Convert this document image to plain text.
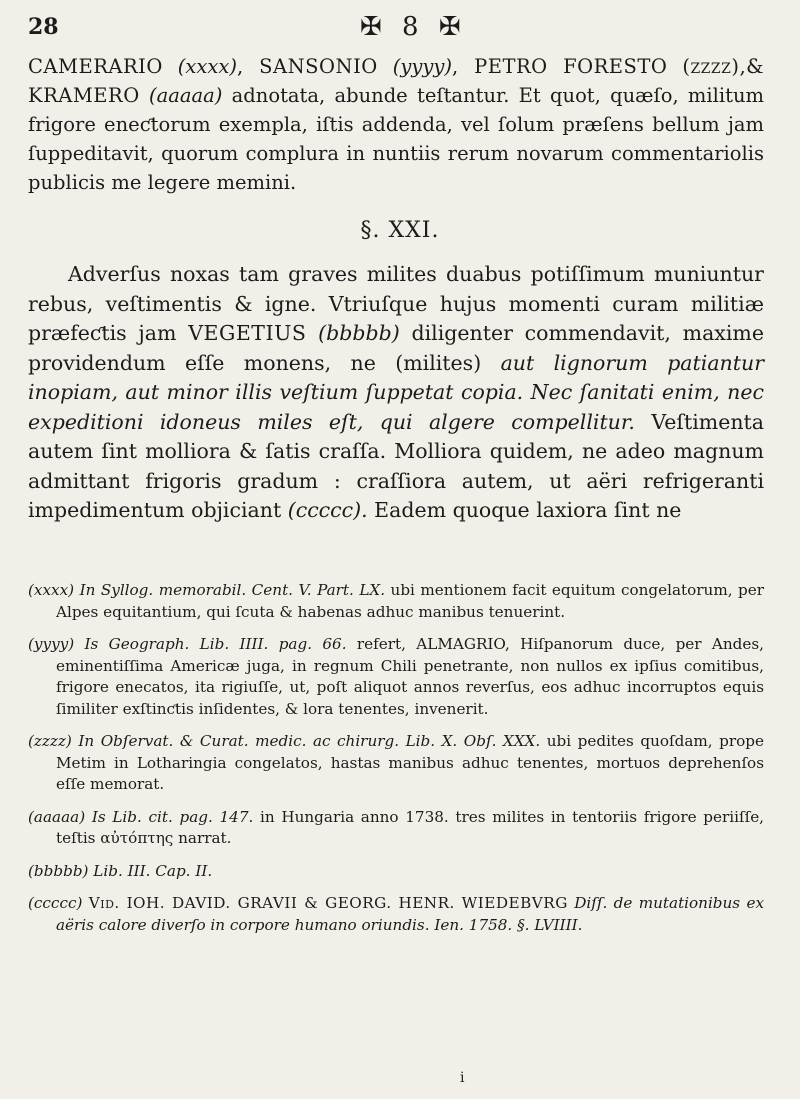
28	✠ 8 ✠

CAMERARIO (xxxx), SANSONIO (yyyy), PETRO FORESTO (zzzz),& KRAMERO (aaaaa) adnotata, abunde teſtantur. Et quot, quæſo, militum frigore eneƈtorum exempla, iſtis addenda, vel ſolum præſens bellum jam ſuppeditavit, quorum complura in nuntiis rerum novarum commentariolis publicis me legere memini.

§. XXI.

Adverſus noxas tam graves milites duabus potiſſimum muniuntur rebus, veſtimentis & igne. Vtriuſque hujus momenti curam militiæ præfeƈtis jam VEGETIUS (bbbbb) diligenter commendavit, maxime providendum eſſe monens, ne (milites) aut lignorum patiantur inopiam, aut minor illis veſtium ſuppetat copia. Nec ſanitati enim, nec expeditioni idoneus miles eſt, qui algere compellitur. Veſtimenta autem ſint molliora & ſatis craſſa. Molliora quidem, ne adeo magnum admittant frigoris gradum : craſſiora autem, ut aëri refrigeranti impedimentum objiciant (ccccc). Eadem quoque laxiora ſint ne

(xxxx) In Syllog. memorabil. Cent. V. Part. LX. ubi mentionem facit equitum congelatorum, per Alpes equitantium, qui ſcuta & habenas adhuc manibus tenuerint.

(yyyy) Is Geograph. Lib. IIII. pag. 66. refert, ALMAGRIO, Hiſpanorum duce, per Andes, eminentiſſima Americæ juga, in regnum Chili penetrante, non nullos ex ipſius comitibus, frigore enecatos, ita rigiuſſe, ut, poſt aliquot annos reverſus, eos adhuc incorruptos equis ſimiliter exſtinƈtis inſidentes, & lora tenentes, invenerit.

(zzzz) In Obſervat. & Curat. medic. ac chirurg. Lib. X. Obſ. XXX. ubi pedites quoſdam, prope Metim in Lotharingia congelatos, hastas manibus adhuc tenentes, mortuos deprehenſos eſſe memorat.

(aaaaa) Is Lib. cit. pag. 147. in Hungaria anno 1738. tres milites in tentoriis frigore periiſſe, teſtis αὐτόπτης narrat.

(bbbbb) Lib. III. Cap. II.

(ccccc) Vid. IOH. DAVID. GRAVII & GEORG. HENR. WIEDEBVRG Diſſ. de mutationibus ex aëris calore diverſo in corpore humano oriundis. Ien. 1758. §. LVIIII.

i
